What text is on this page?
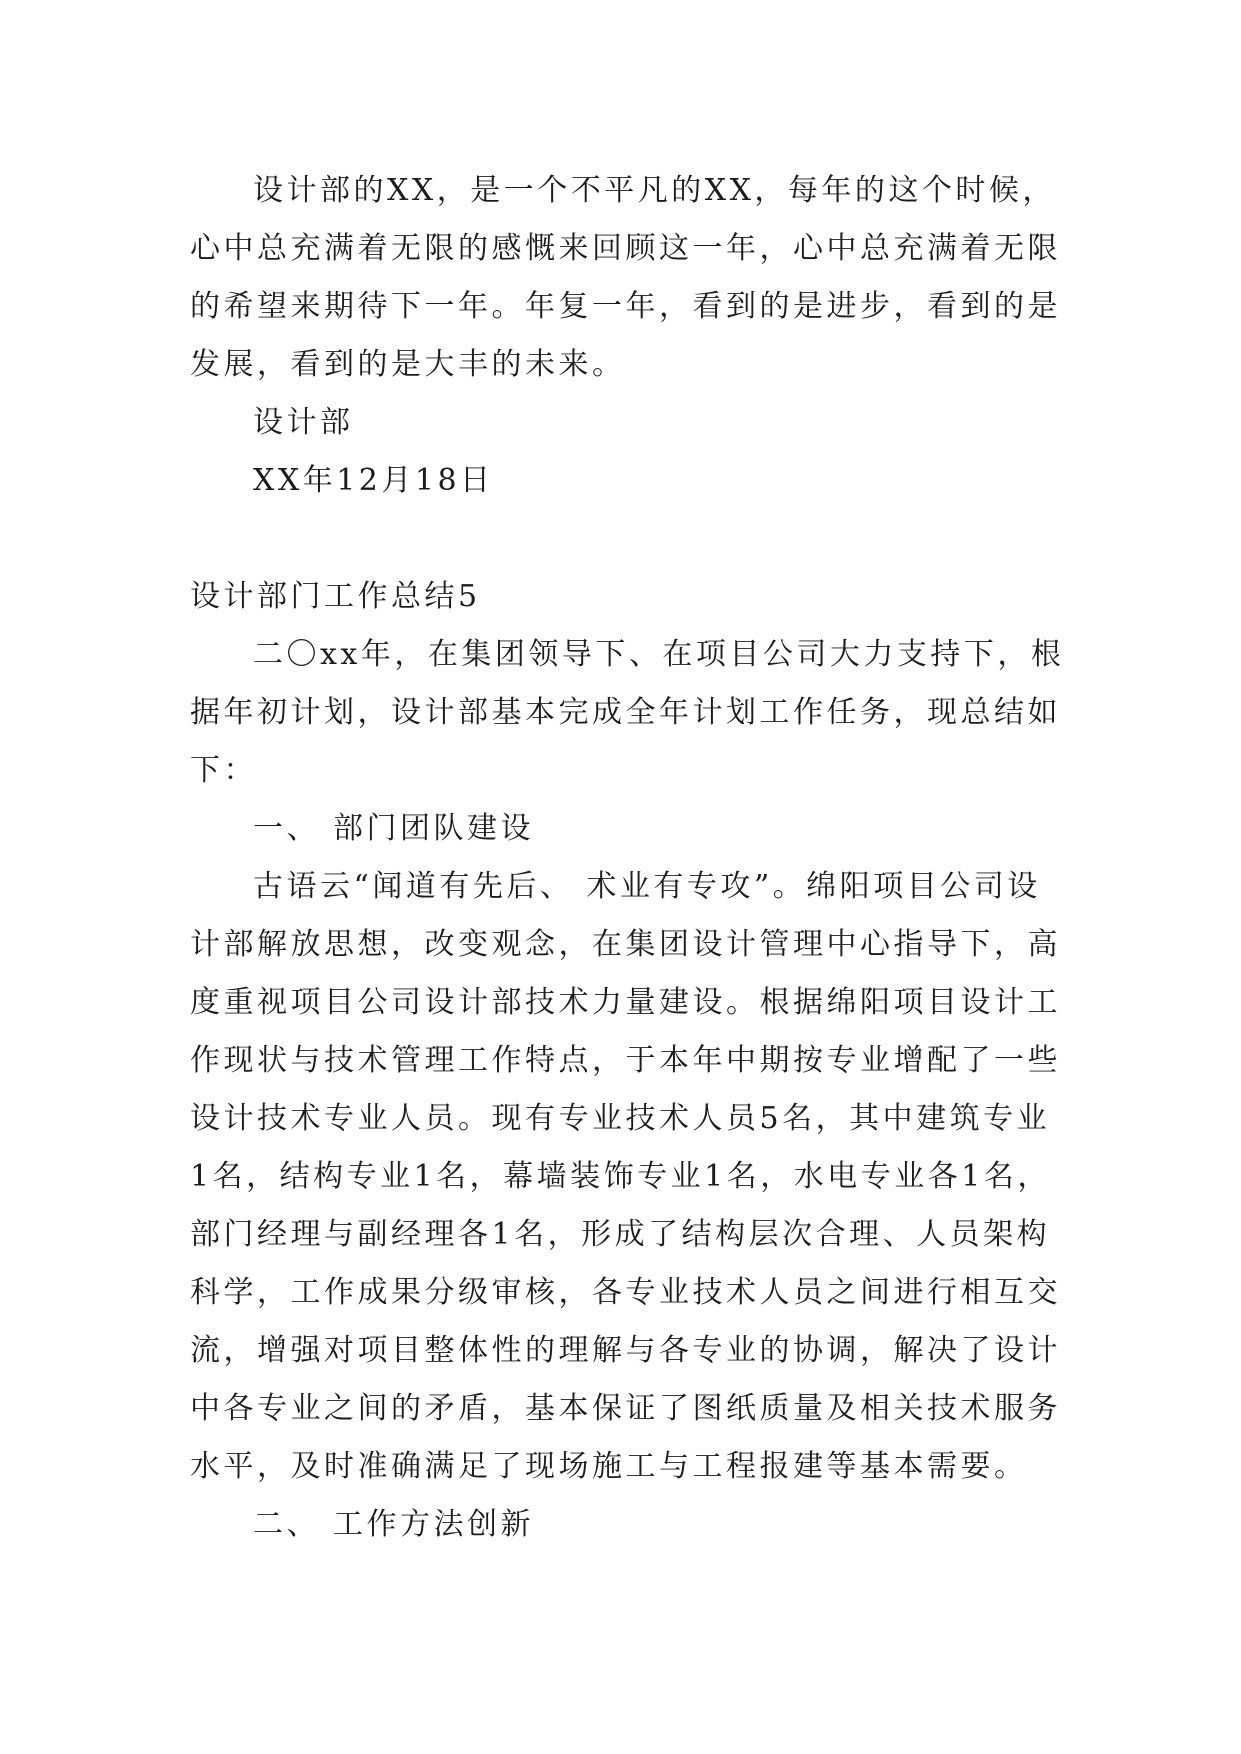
设计部的XX，是一个不平凡的XX，每年的这个时候，

心中总充满着无限的感慨来回顾这一年，心中总充满着无限

的希望来期待下一年。年复一年，看到的是进步，看到的是

发展，看到的是大丰的未来。

设计部

XX年12月18日

设计部门工作总结5

二〇xx年，在集团领导下、在项目公司大力支持下，根

据年初计划，设计部基本完成全年计划工作任务，现总结如

下：

一、 部门团队建设

古语云“闻道有先后、 术业有专攻”。绵阳项目公司设

计部解放思想，改变观念，在集团设计管理中心指导下，高

度重视项目公司设计部技术力量建设。根据绵阳项目设计工

作现状与技术管理工作特点，于本年中期按专业增配了一些

设计技术专业人员。现有专业技术人员5名，其中建筑专业

1名，结构专业1名，幕墙装饰专业1名，水电专业各1名，

部门经理与副经理各1名，形成了结构层次合理、人员架构

科学，工作成果分级审核，各专业技术人员之间进行相互交

流，增强对项目整体性的理解与各专业的协调，解决了设计

中各专业之间的矛盾，基本保证了图纸质量及相关技术服务

水平，及时准确满足了现场施工与工程报建等基本需要。

二、 工作方法创新
